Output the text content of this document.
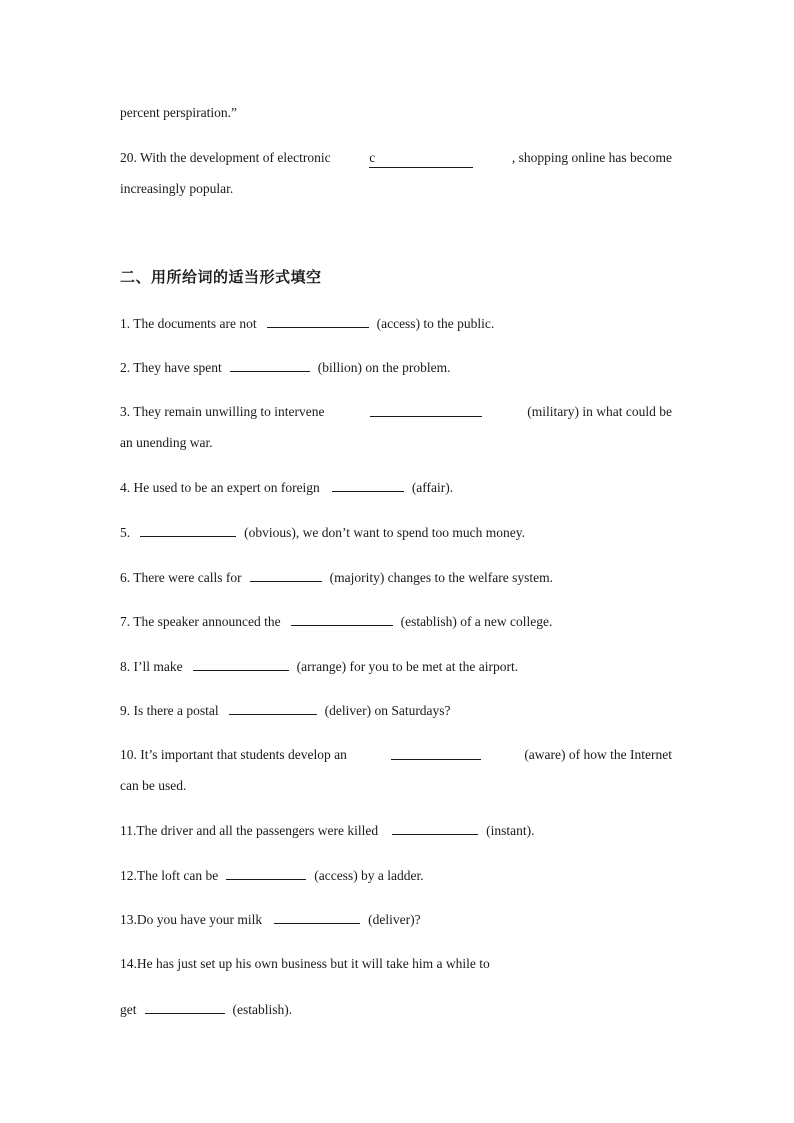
percent perspiration.”
20. With the development of electronic	c	, shopping online has become
increasingly popular.
二、用所给词的适当形式填空
1. The documents are not	(access) to the public.
2. They have spent	(billion) on the problem.
3. They remain unwilling to intervene	(military) in what could be
an unending war.
4. He used to be an expert on foreign	(affair).
5.	(obvious), we don’t want to spend too much money.
6. There were calls for	(majority) changes to the welfare system.
7. The speaker announced the	(establish) of a new college.
8. I’ll make	(arrange) for you to be met at the airport.
9. Is there a postal	(deliver) on Saturdays?
10. It’s important that students develop an	(aware) of how the Internet
can be used.
11.The driver and all the passengers were killed	(instant).
12.The loft can be	(access) by a ladder.
13.Do you have your milk	(deliver)?
14.He has just set up his own business but it will take him a while to
get	(establish).
